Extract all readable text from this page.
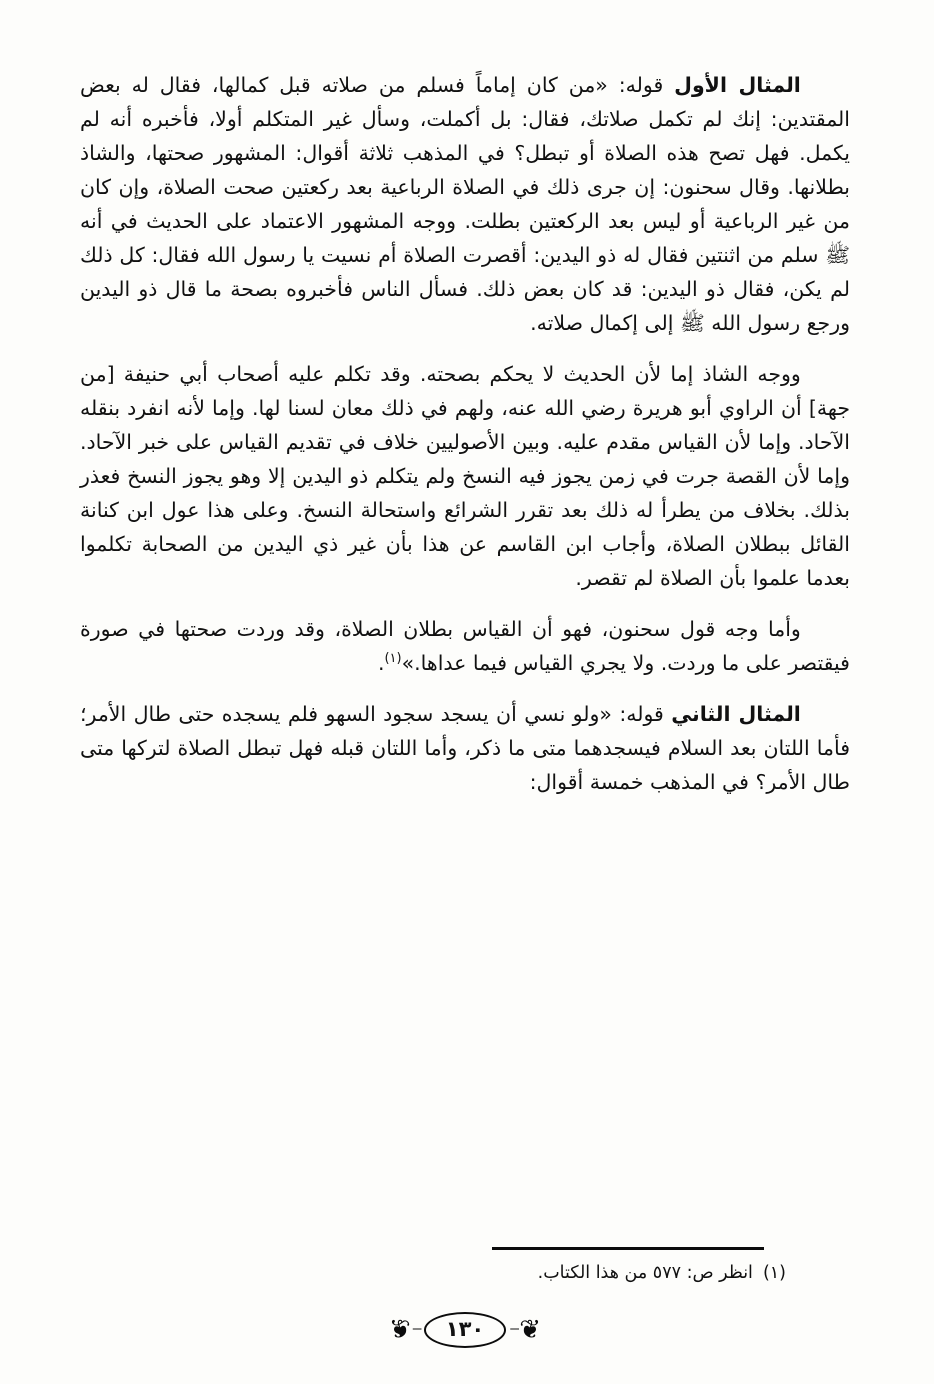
المثال الأول قوله: «من كان إماماً فسلم من صلاته قبل كمالها، فقال له بعض المقتدين: إنك لم تكمل صلاتك، فقال: بل أكملت، وسأل غير المتكلم أولا، فأخبره أنه لم يكمل. فهل تصح هذه الصلاة أو تبطل؟ في المذهب ثلاثة أقوال: المشهور صحتها، والشاذ بطلانها. وقال سحنون: إن جرى ذلك في الصلاة الرباعية بعد ركعتين صحت الصلاة، وإن كان من غير الرباعية أو ليس بعد الركعتين بطلت. ووجه المشهور الاعتماد على الحديث في أنه ﷺ سلم من اثنتين فقال له ذو اليدين: أقصرت الصلاة أم نسيت يا رسول الله فقال: كل ذلك لم يكن، فقال ذو اليدين: قد كان بعض ذلك. فسأل الناس فأخبروه بصحة ما قال ذو اليدين ورجع رسول الله ﷺ إلى إكمال صلاته.

ووجه الشاذ إما لأن الحديث لا يحكم بصحته. وقد تكلم عليه أصحاب أبي حنيفة [من جهة] أن الراوي أبو هريرة رضي الله عنه، ولهم في ذلك معان لسنا لها. وإما لأنه انفرد بنقله الآحاد. وإما لأن القياس مقدم عليه. وبين الأصوليين خلاف في تقديم القياس على خبر الآحاد. وإما لأن القصة جرت في زمن يجوز فيه النسخ ولم يتكلم ذو اليدين إلا وهو يجوز النسخ فعذر بذلك. بخلاف من يطرأ له ذلك بعد تقرر الشرائع واستحالة النسخ. وعلى هذا عول ابن كنانة القائل ببطلان الصلاة، وأجاب ابن القاسم عن هذا بأن غير ذي اليدين من الصحابة تكلموا بعدما علموا بأن الصلاة لم تقصر.

وأما وجه قول سحنون، فهو أن القياس بطلان الصلاة، وقد وردت صحتها في صورة فيقتصر على ما وردت. ولا يجري القياس فيما عداها.»$^{(١)}$.

المثال الثاني قوله: «ولو نسي أن يسجد سجود السهو فلم يسجده حتى طال الأمر؛ فأما اللتان بعد السلام فيسجدهما متى ما ذكر، وأما اللتان قبله فهل تبطل الصلاة لتركها متى طال الأمر؟ في المذهب خمسة أقوال:

(١)انظر ص: ٥٧٧ من هذا الكتاب.
❦
ᜭ
١٣٠
ᜭ
❦
